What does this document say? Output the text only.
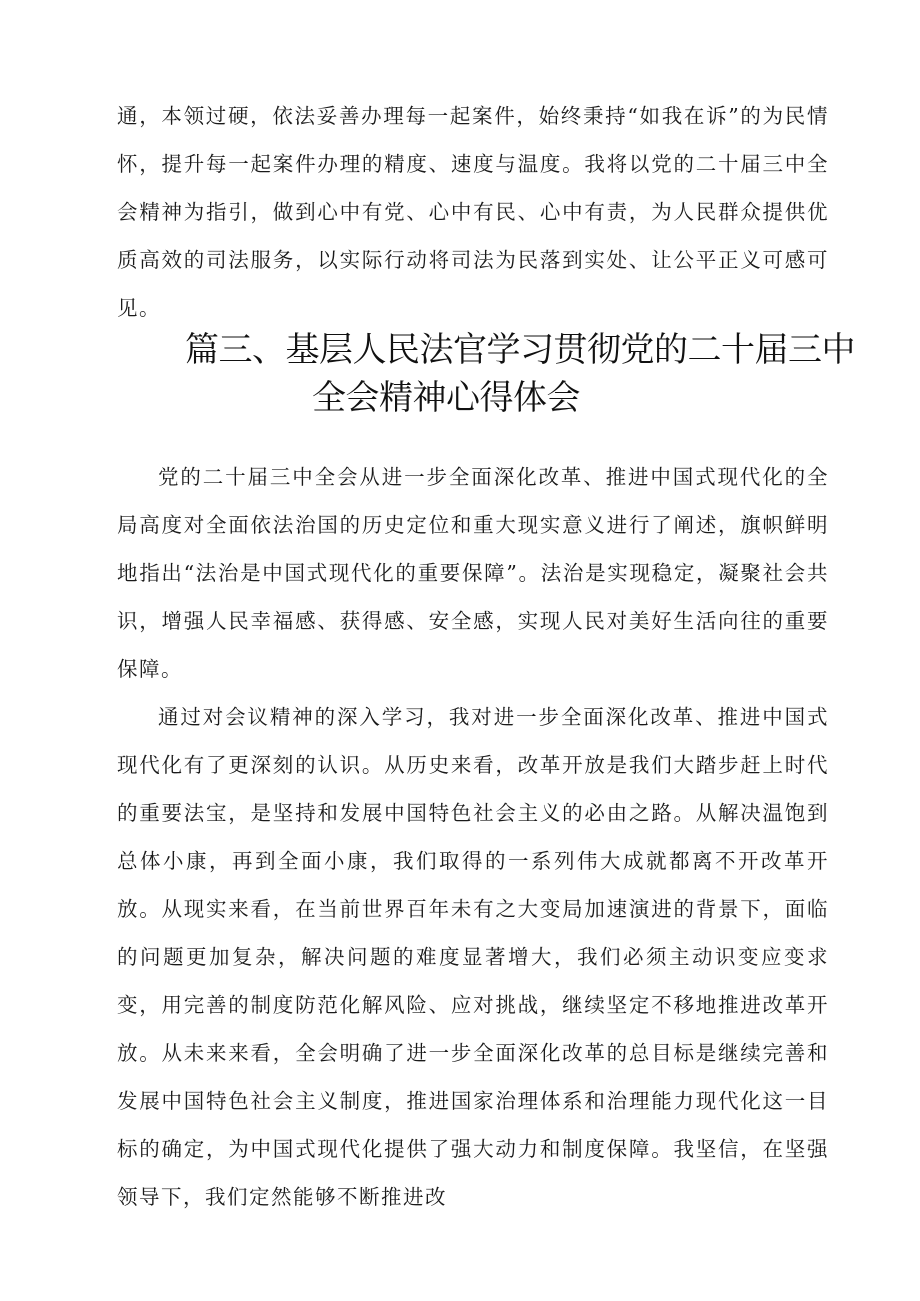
通，本领过硬，依法妥善办理每一起案件，始终秉持“如我在诉”的为民情怀，提升每一起案件办理的精度、速度与温度。我将以党的二十届三中全会精神为指引，做到心中有党、心中有民、心中有责，为人民群众提供优质高效的司法服务，以实际行动将司法为民落到实处、让公平正义可感可见。
篇三、基层人民法官学习贯彻党的二十届三中
全会精神心得体会

党的二十届三中全会从进一步全面深化改革、推进中国式现代化的全局高度对全面依法治国的历史定位和重大现实意义进行了阐述，旗帜鲜明地指出“法治是中国式现代化的重要保障”。法治是实现稳定，凝聚社会共识，增强人民幸福感、获得感、安全感，实现人民对美好生活向往的重要保障。

通过对会议精神的深入学习，我对进一步全面深化改革、推进中国式现代化有了更深刻的认识。从历史来看，改革开放是我们大踏步赶上时代的重要法宝，是坚持和发展中国特色社会主义的必由之路。从解决温饱到总体小康，再到全面小康，我们取得的一系列伟大成就都离不开改革开放。从现实来看，在当前世界百年未有之大变局加速演进的背景下，面临的问题更加复杂，解决问题的难度显著增大，我们必须主动识变应变求变，用完善的制度防范化解风险、应对挑战，继续坚定不移地推进改革开放。从未来来看，全会明确了进一步全面深化改革的总目标是继续完善和发展中国特色社会主义制度，推进国家治理体系和治理能力现代化这一目标的确定，为中国式现代化提供了强大动力和制度保障。我坚信，在坚强领导下，我们定然能够不断推进改
